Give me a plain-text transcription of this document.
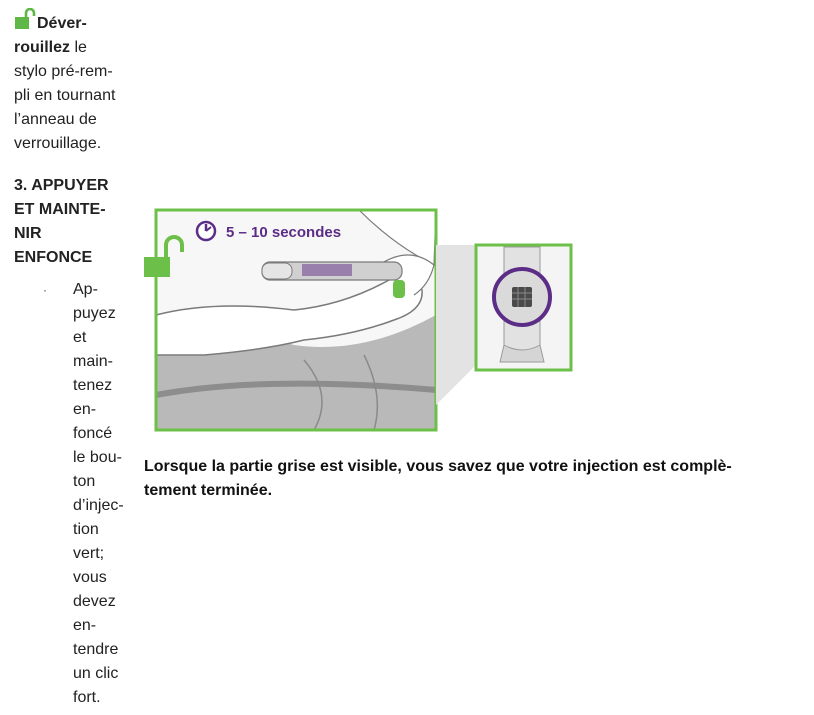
Déver-
rouillez le
stylo pré-rem-
pli en tournant
l’anneau de
verrouillage.
3. APPUYER
ET MAINTE-
NIR
ENFONCE
· Ap-
puyez
et
main-
tenez
en-
foncé
le bou-
ton
d’injec-
tion
vert;
vous
devez
en-
tendre
un clic
fort.
5 – 10 secondes
Lorsque la partie grise est visible, vous savez que votre injection est complè-
tement terminée.
